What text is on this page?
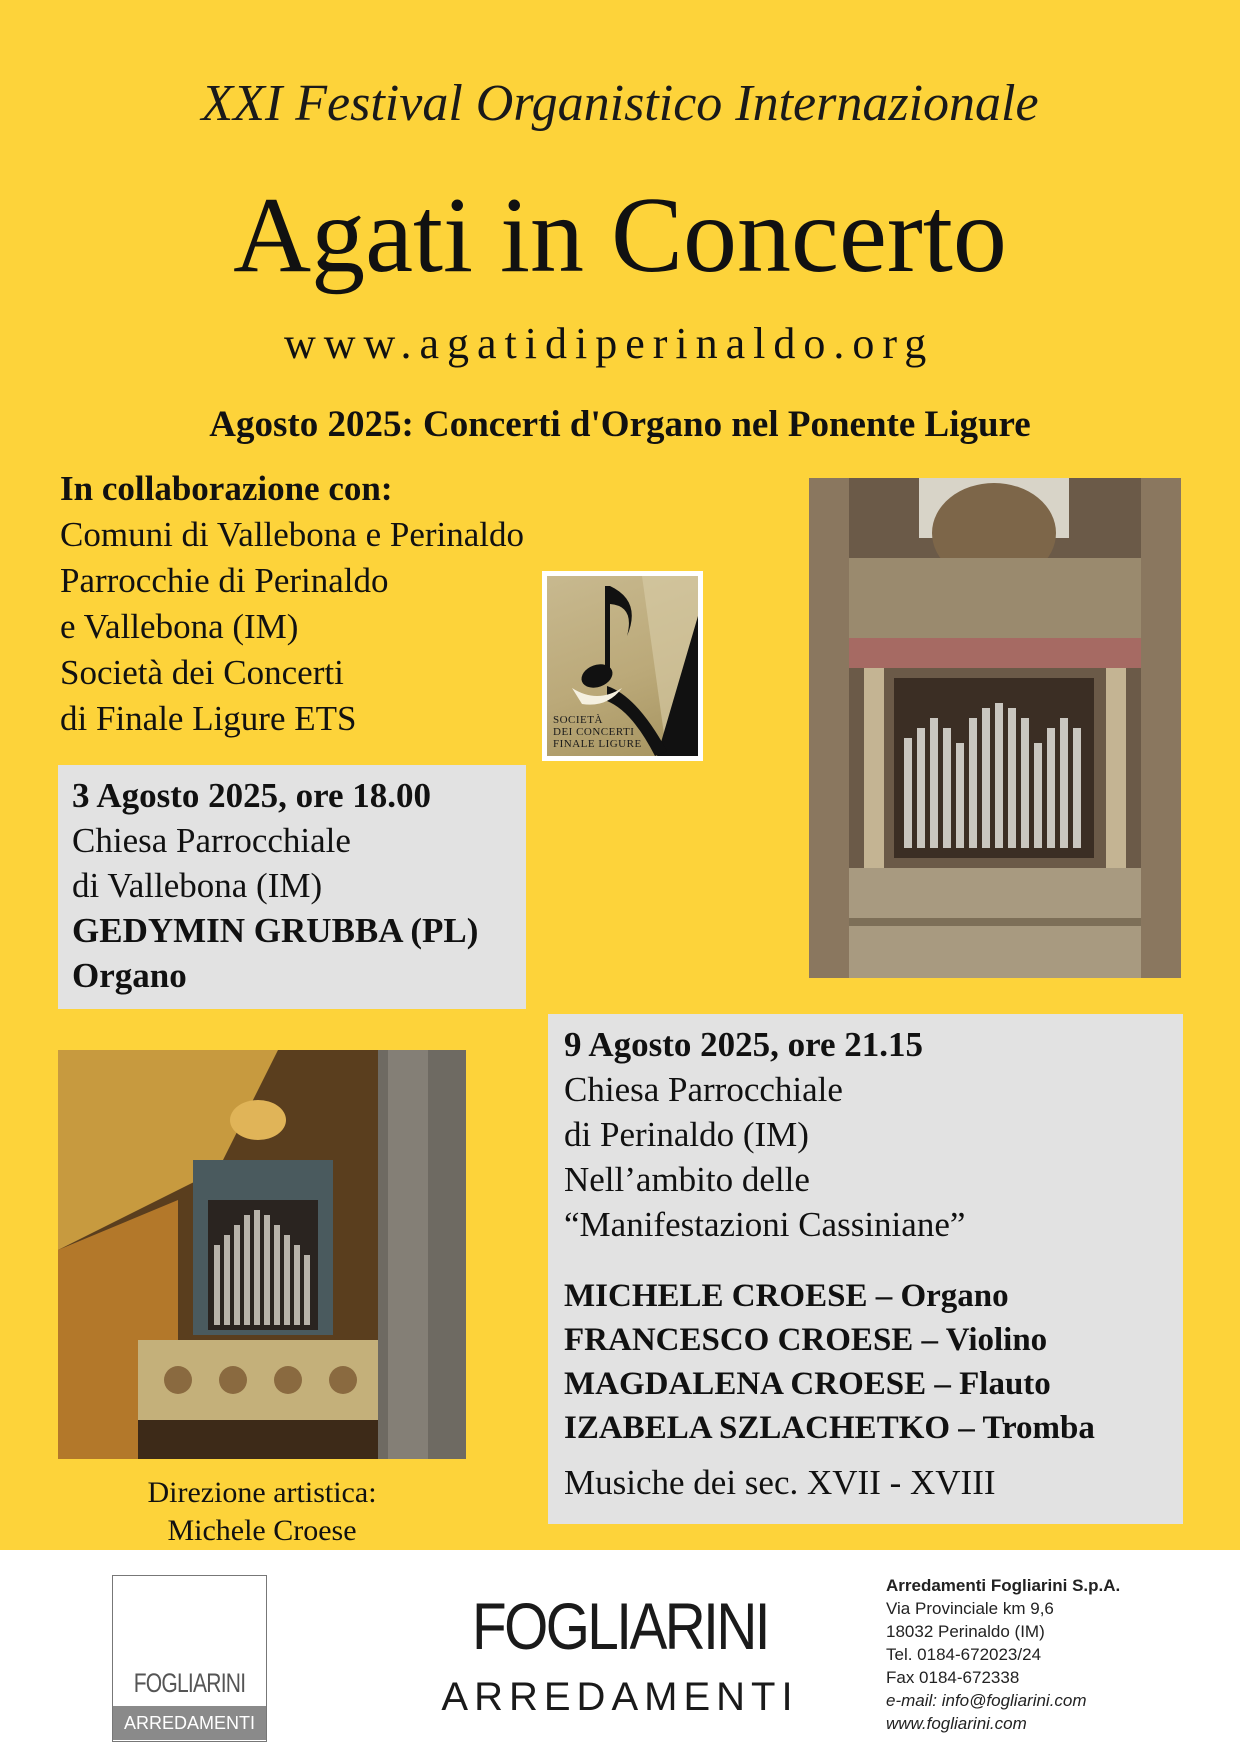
XXI Festival Organistico Internazionale
Agati in Concerto
www.agatidiperinaldo.org
Agosto 2025: Concerti d'Organo nel Ponente Ligure
In collaborazione con:
Comuni di Vallebona e Perinaldo
Parrocchie di Perinaldo
e Vallebona (IM)
Società dei Concerti
di Finale Ligure ETS	SOCIETÀ
DEI CONCERTI
FINALE LIGURE
3 Agosto 2025, ore 18.00
Chiesa Parrocchiale
di Vallebona (IM)
GEDYMIN GRUBBA (PL)
Organo
9 Agosto 2025, ore 21.15
Chiesa Parrocchiale
di Perinaldo (IM)
Nell’ambito delle
“Manifestazioni Cassiniane”
MICHELE CROESE – Organo
FRANCESCO CROESE – Violino
MAGDALENA CROESE – Flauto
IZABELA SZLACHETKO – Tromba
Musiche dei sec. XVII - XVIII
Direzione artistica:
Michele Croese
FOGLIARINI
ARREDAMENTI
FOGLIARINI
ARREDAMENTI
Arredamenti Fogliarini S.p.A.
Via Provinciale km 9,6
18032 Perinaldo (IM)
Tel. 0184-672023/24
Fax 0184-672338
e-mail: info@fogliarini.com
www.fogliarini.com
